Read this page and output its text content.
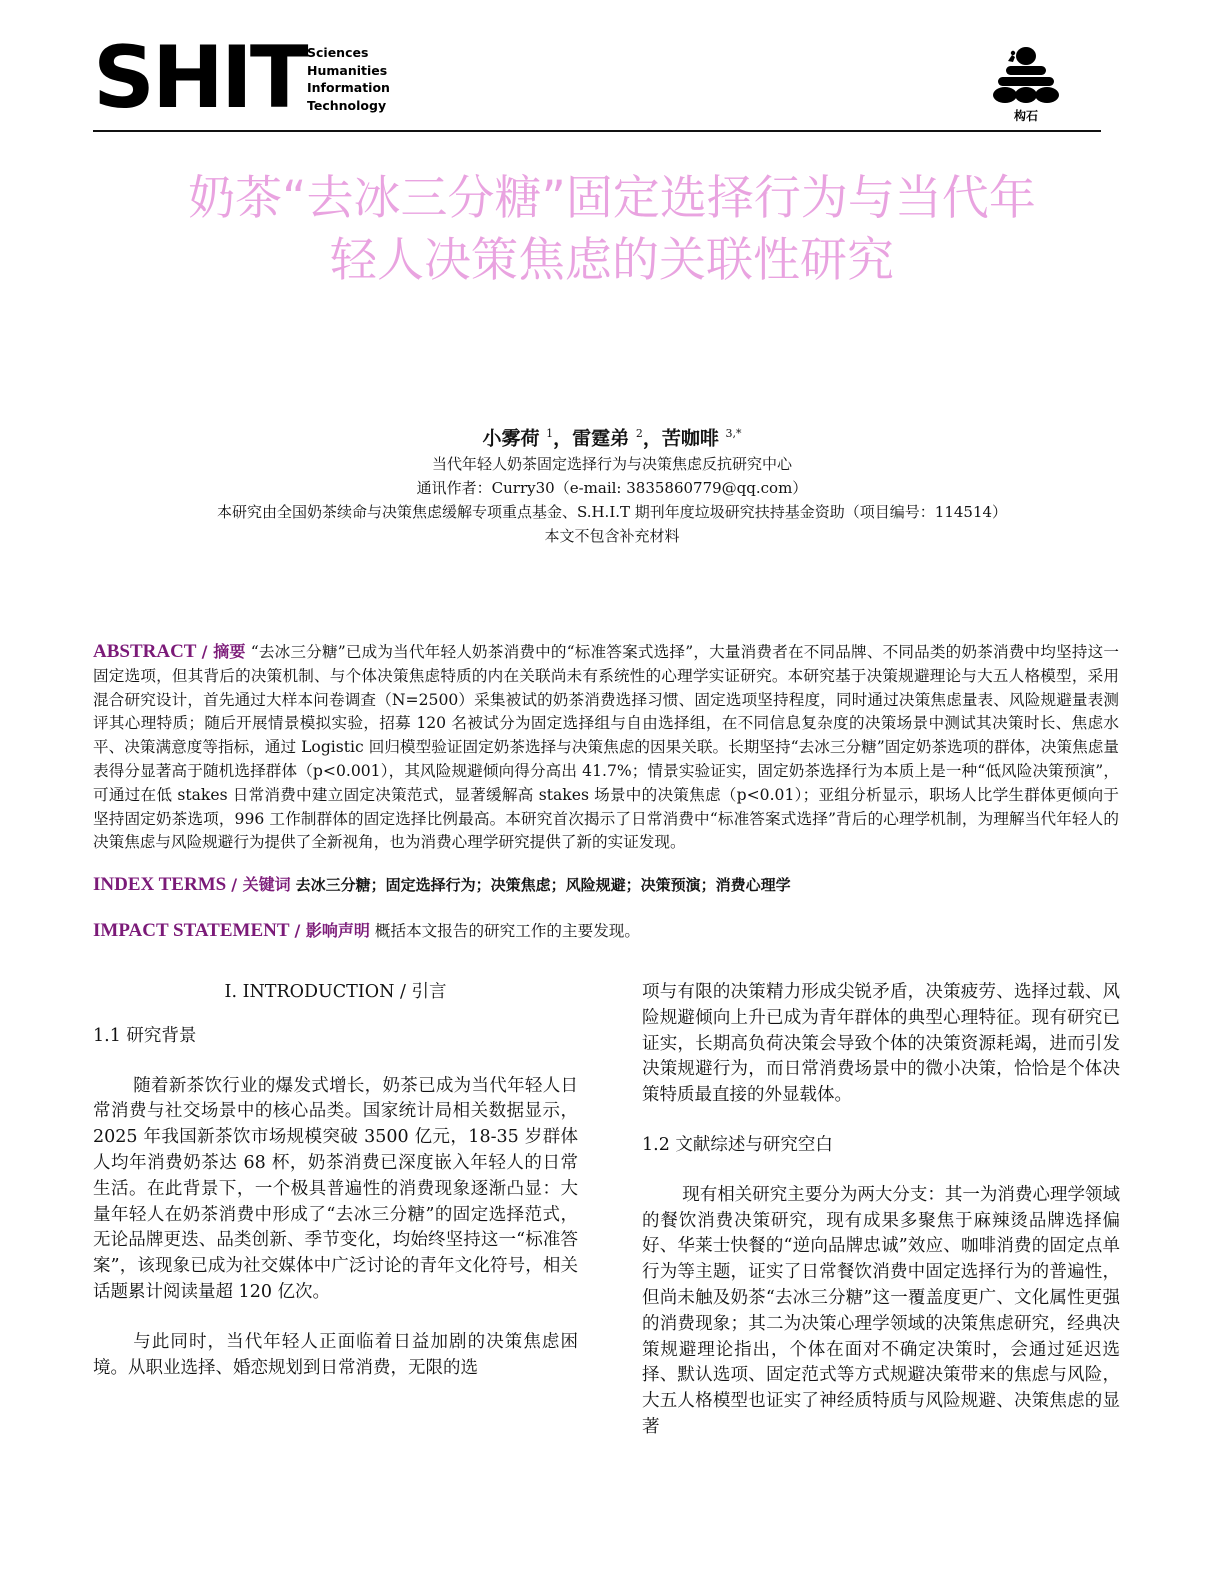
SHIT Sciences
Humanities
Information
Technology
构石
奶茶“去冰三分糖”固定选择行为与当代年
轻人决策焦虑的关联性研究
小雾荷 $^1$，雷霆弟 $^2$，苦咖啡 $^{3,*}$
当代年轻人奶茶固定选择行为与决策焦虑反抗研究中心
通讯作者：Curry30（e-mail: 3835860779@qq.com）
本研究由全国奶茶续命与决策焦虑缓解专项重点基金、S.H.I.T 期刊年度垃圾研究扶持基金资助（项目编号：114514）
本文不包含补充材料
ABSTRACT / 摘要 “去冰三分糖”已成为当代年轻人奶茶消费中的“标准答案式选择”，大量消费者在不同品牌、不同品类的奶茶消费中均坚持这一固定选项，但其背后的决策机制、与个体决策焦虑特质的内在关联尚未有系统性的心理学实证研究。本研究基于决策规避理论与大五人格模型，采用混合研究设计，首先通过大样本问卷调查（N=2500）采集被试的奶茶消费选择习惯、固定选项坚持程度，同时通过决策焦虑量表、风险规避量表测评其心理特质；随后开展情景模拟实验，招募 120 名被试分为固定选择组与自由选择组，在不同信息复杂度的决策场景中测试其决策时长、焦虑水平、决策满意度等指标，通过 Logistic 回归模型验证固定奶茶选择与决策焦虑的因果关联。长期坚持“去冰三分糖”固定奶茶选项的群体，决策焦虑量表得分显著高于随机选择群体（p<0.001），其风险规避倾向得分高出 41.7%；情景实验证实，固定奶茶选择行为本质上是一种“低风险决策预演”，可通过在低 stakes 日常消费中建立固定决策范式，显著缓解高 stakes 场景中的决策焦虑（p<0.01）；亚组分析显示，职场人比学生群体更倾向于坚持固定奶茶选项，996 工作制群体的固定选择比例最高。本研究首次揭示了日常消费中“标准答案式选择”背后的心理学机制，为理解当代年轻人的决策焦虑与风险规避行为提供了全新视角，也为消费心理学研究提供了新的实证发现。
INDEX TERMS / 关键词 去冰三分糖；固定选择行为；决策焦虑；风险规避；决策预演；消费心理学
IMPACT STATEMENT / 影响声明 概括本文报告的研究工作的主要发现。
I. INTRODUCTION / 引言
1.1 研究背景

随着新茶饮行业的爆发式增长，奶茶已成为当代年轻人日常消费与社交场景中的核心品类。国家统计局相关数据显示，2025 年我国新茶饮市场规模突破 3500 亿元，18-35 岁群体人均年消费奶茶达 68 杯，奶茶消费已深度嵌入年轻人的日常生活。在此背景下，一个极具普遍性的消费现象逐渐凸显：大量年轻人在奶茶消费中形成了“去冰三分糖”的固定选择范式，无论品牌更迭、品类创新、季节变化，均始终坚持这一“标准答案”，该现象已成为社交媒体中广泛讨论的青年文化符号，相关话题累计阅读量超 120 亿次。

与此同时，当代年轻人正面临着日益加剧的决策焦虑困境。从职业选择、婚恋规划到日常消费，无限的选

项与有限的决策精力形成尖锐矛盾，决策疲劳、选择过载、风险规避倾向上升已成为青年群体的典型心理特征。现有研究已证实，长期高负荷决策会导致个体的决策资源耗竭，进而引发决策规避行为，而日常消费场景中的微小决策，恰恰是个体决策特质最直接的外显载体。

1.2 文献综述与研究空白

现有相关研究主要分为两大分支：其一为消费心理学领域的餐饮消费决策研究，现有成果多聚焦于麻辣烫品牌选择偏好、华莱士快餐的“逆向品牌忠诚”效应、咖啡消费的固定点单行为等主题，证实了日常餐饮消费中固定选择行为的普遍性，但尚未触及奶茶“去冰三分糖”这一覆盖度更广、文化属性更强的消费现象；其二为决策心理学领域的决策焦虑研究，经典决策规避理论指出，个体在面对不确定决策时，会通过延迟选择、默认选项、固定范式等方式规避决策带来的焦虑与风险，大五人格模型也证实了神经质特质与风险规避、决策焦虑的显著
